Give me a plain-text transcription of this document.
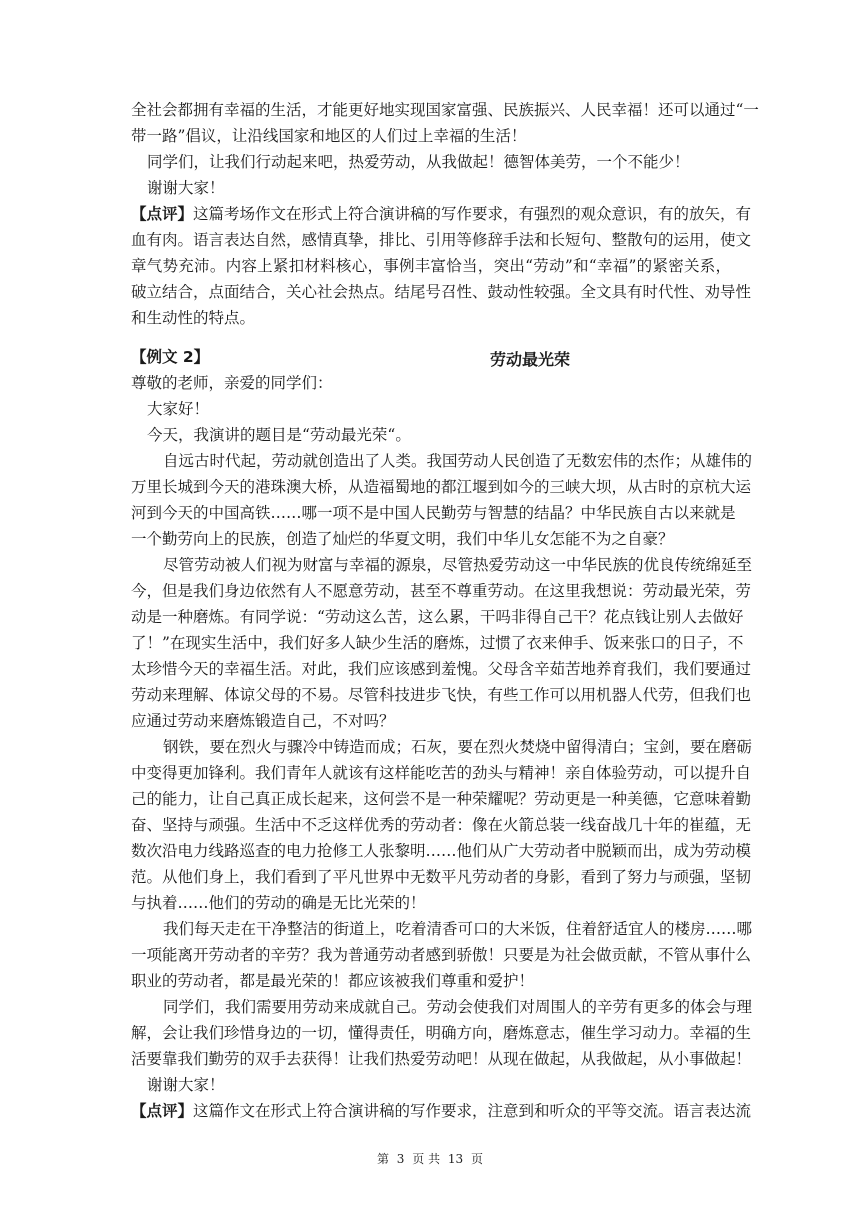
全社会都拥有幸福的生活，才能更好地实现国家富强、民族振兴、人民幸福！还可以通过“一
带一路”倡议，让沿线国家和地区的人们过上幸福的生活！
同学们，让我们行动起来吧，热爱劳动，从我做起！德智体美劳，一个不能少！
谢谢大家！
【点评】这篇考场作文在形式上符合演讲稿的写作要求，有强烈的观众意识，有的放矢，有
血有肉。语言表达自然，感情真挚，排比、引用等修辞手法和长短句、整散句的运用，使文
章气势充沛。内容上紧扣材料核心，事例丰富恰当，突出“劳动”和“幸福”的紧密关系，
破立结合，点面结合，关心社会热点。结尾号召性、鼓动性较强。全文具有时代性、劝导性
和生动性的特点。
【例文 2】	劳动最光荣
尊敬的老师，亲爱的同学们：
大家好！
今天，我演讲的题目是“劳动最光荣“。
自远古时代起，劳动就创造出了人类。我国劳动人民创造了无数宏伟的杰作；从雄伟的
万里长城到今天的港珠澳大桥，从造福蜀地的都江堰到如今的三峡大坝，从古时的京杭大运
河到今天的中国高铁……哪一项不是中国人民勤劳与智慧的结晶？中华民族自古以来就是
一个勤劳向上的民族，创造了灿烂的华夏文明，我们中华儿女怎能不为之自豪？
尽管劳动被人们视为财富与幸福的源泉，尽管热爱劳动这一中华民族的优良传统绵延至
今，但是我们身边依然有人不愿意劳动，甚至不尊重劳动。在这里我想说：劳动最光荣，劳
动是一种磨炼。有同学说：“劳动这么苦，这么累，干吗非得自己干？花点钱让别人去做好
了！”在现实生活中，我们好多人缺少生活的磨炼，过惯了衣来伸手、饭来张口的日子，不
太珍惜今天的幸福生活。对此，我们应该感到羞愧。父母含辛茹苦地养育我们，我们要通过
劳动来理解、体谅父母的不易。尽管科技进步飞快，有些工作可以用机器人代劳，但我们也
应通过劳动来磨炼锻造自己，不对吗？
钢铁，要在烈火与骤冷中铸造而成；石灰，要在烈火焚烧中留得清白；宝剑，要在磨砺
中变得更加锋利。我们青年人就该有这样能吃苦的劲头与精神！亲自体验劳动，可以提升自
己的能力，让自己真正成长起来，这何尝不是一种荣耀呢？劳动更是一种美德，它意味着勤
奋、坚持与顽强。生活中不乏这样优秀的劳动者：像在火箭总装一线奋战几十年的崔蕴，无
数次沿电力线路巡查的电力抢修工人张黎明……他们从广大劳动者中脱颖而出，成为劳动模
范。从他们身上，我们看到了平凡世界中无数平凡劳动者的身影，看到了努力与顽强，坚韧
与执着……他们的劳动的确是无比光荣的！
我们每天走在干净整洁的街道上，吃着清香可口的大米饭，住着舒适宜人的楼房……哪
一项能离开劳动者的辛劳？我为普通劳动者感到骄傲！只要是为社会做贡献，不管从事什么
职业的劳动者，都是最光荣的！都应该被我们尊重和爱护！
同学们，我们需要用劳动来成就自己。劳动会使我们对周围人的辛劳有更多的体会与理
解，会让我们珍惜身边的一切，懂得责任，明确方向，磨炼意志，催生学习动力。幸福的生
活要靠我们勤劳的双手去获得！让我们热爱劳动吧！从现在做起，从我做起，从小事做起！
谢谢大家！
【点评】这篇作文在形式上符合演讲稿的写作要求，注意到和听众的平等交流。语言表达流
第 3 页 共 13 页
